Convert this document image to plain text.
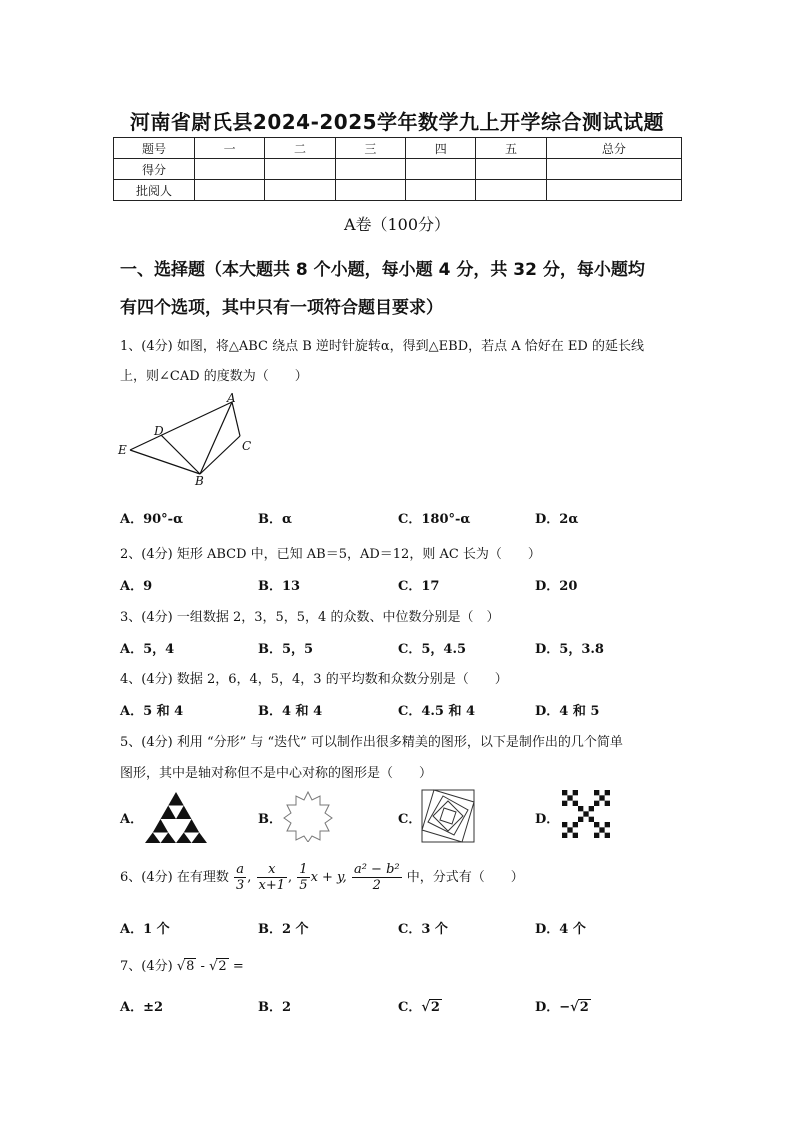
河南省尉氏县2024-2025学年数学九上开学综合测试试题
题号	一	二	三	四	五	总分
得分						
批阅人						
A卷（100分）
一、选择题（本大题共 8 个小题，每小题 4 分，共 32 分，每小题均
有四个选项，其中只有一项符合题目要求）
1、(4分) 如图，将△ABC 绕点 B 逆时针旋转α，得到△EBD，若点 A 恰好在 ED 的延长线
上，则∠CAD 的度数为（　　）
A
B
C
D
E
A．90°-α	B．α	C．180°-α	D．2α
2、(4分) 矩形 ABCD 中，已知 AB＝5，AD＝12，则 AC 长为（　　）
A．9	B．13	C．17	D．20
3、(4分) 一组数据 2，3，5，5，4 的众数、中位数分别是（　）
A．5，4	B．5，5	C．5，4.5	D．5，3.8
4、(4分) 数据 2，6，4，5，4，3 的平均数和众数分别是（　　）
A．5 和 4	B．4 和 4	C．4.5 和 4	D．4 和 5
5、(4分) 利用 “分形” 与 “迭代” 可以制作出很多精美的图形，以下是制作出的几个简单
图形，其中是轴对称但不是中心对称的图形是（　　）
A．	B．	C．	D．
6、(4分) 在有理数 $\frac{a}{3}$ , $\frac{x}{x+1}$ , $\frac{1}{5}$ x + y, $\frac{\text{a² − b²}}{2}$ 中，分式有（　　）
A．1 个	B．2 个	C．3 个	D．4 个
7、(4分) √8 - √2 =
A．±2	B．2	C．√2	D．−√2
